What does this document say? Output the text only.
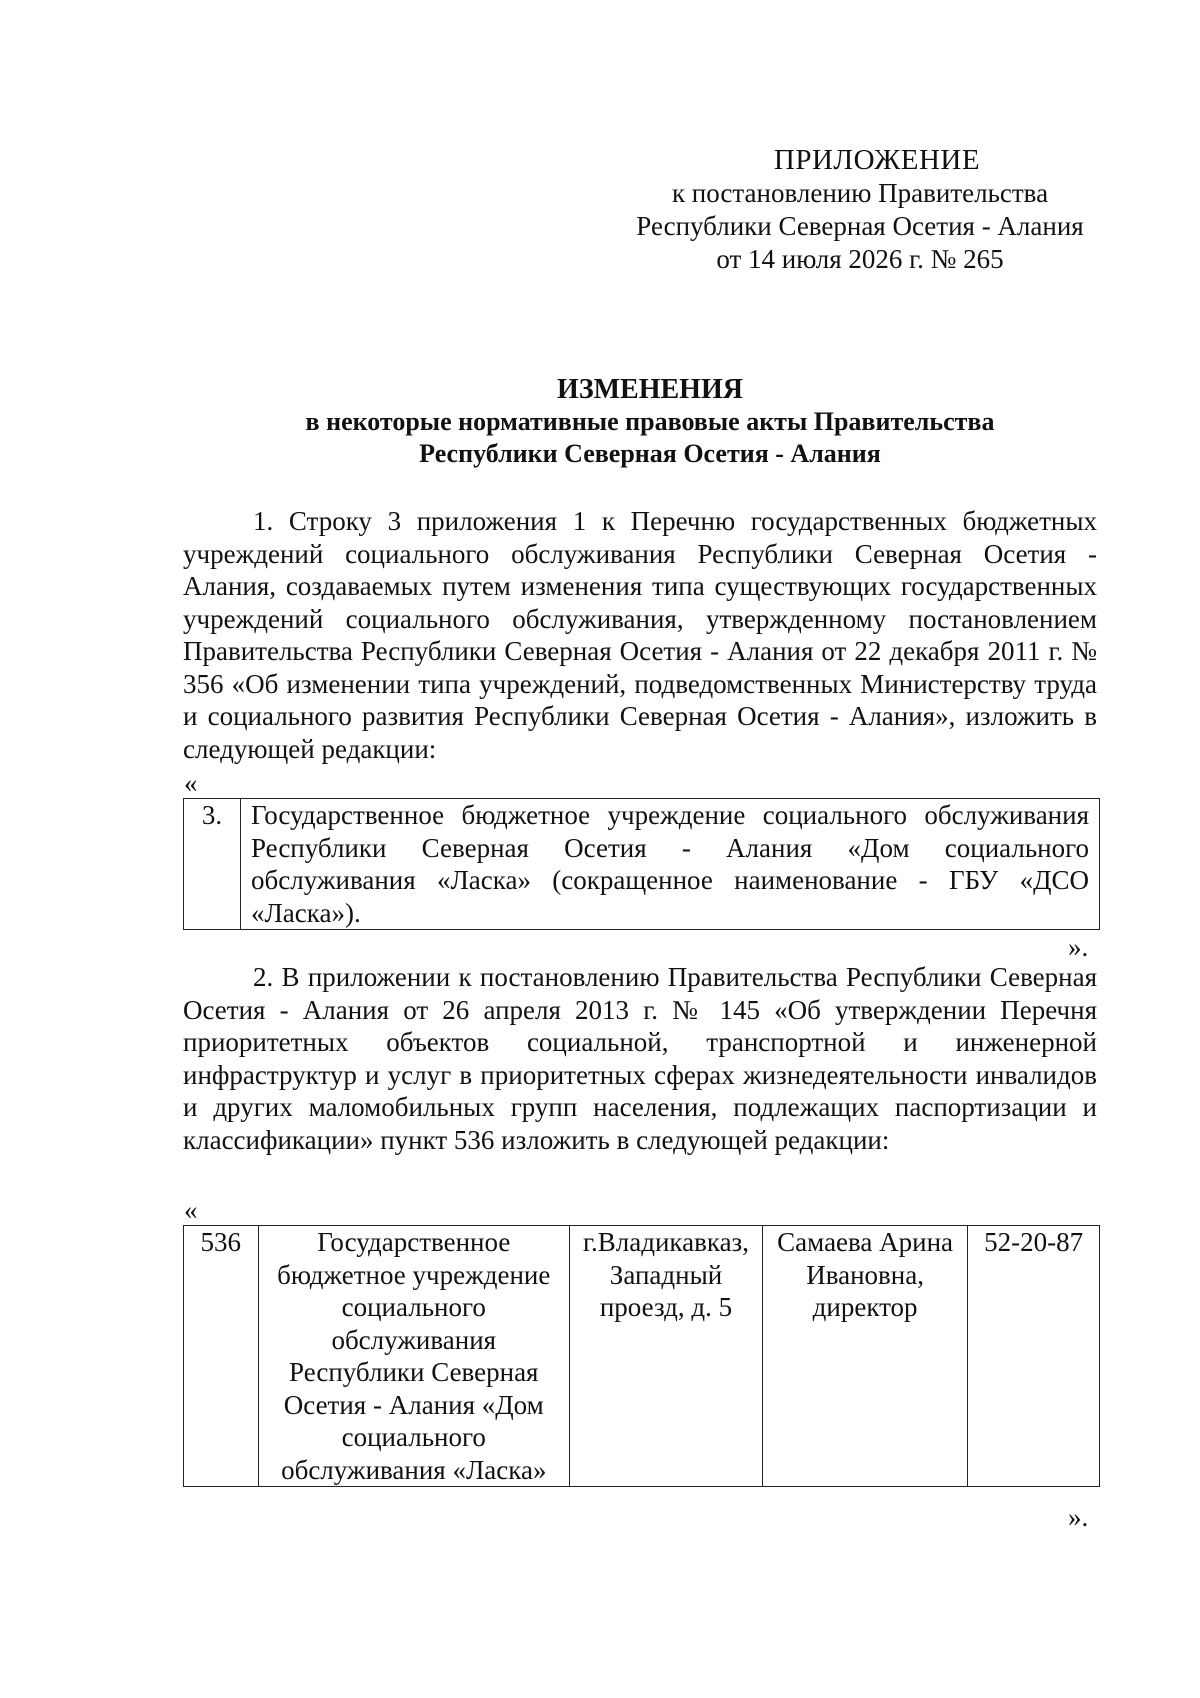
ПРИЛОЖЕНИЕ
к постановлению Правительства
Республики Северная Осетия - Алания
от 14 июля 2026 г. № 265
ИЗМЕНЕНИЯ
в некоторые нормативные правовые акты Правительства
Республики Северная Осетия - Алания
1. Строку 3 приложения 1 к Перечню государственных бюджетных учреждений социального обслуживания Республики Северная Осетия - Алания, создаваемых путем изменения типа существующих государственных учреждений социального обслуживания, утвержденному постановлением Правительства Республики Северная Осетия - Алания от 22 декабря 2011 г. № 356 «Об изменении типа учреждений, подведомственных Министерству труда и социального развития Республики Северная Осетия - Алания», изложить в следующей редакции:
«
3.	Государственное бюджетное учреждение социального обслуживания Республики Северная Осетия - Алания «Дом социального обслуживания «Ласка» (сокращенное наименование - ГБУ «ДСО «Ласка»).
».
2. В приложении к постановлению Правительства Республики Северная Осетия - Алания от 26 апреля 2013 г. № 145 «Об утверждении Перечня приоритетных объектов социальной, транспортной и инженерной инфраструктур и услуг в приоритетных сферах жизнедеятельности инвалидов и других маломобильных групп населения, подлежащих паспортизации и классификации» пункт 536 изложить в следующей редакции:
«
536	Государственное бюджетное учреждение социального обслуживания Республики Северная Осетия - Алания «Дом социального обслуживания «Ласка»	г.Владикавказ, Западный проезд, д. 5	Самаева Арина Ивановна, директор	52-20-87
».
